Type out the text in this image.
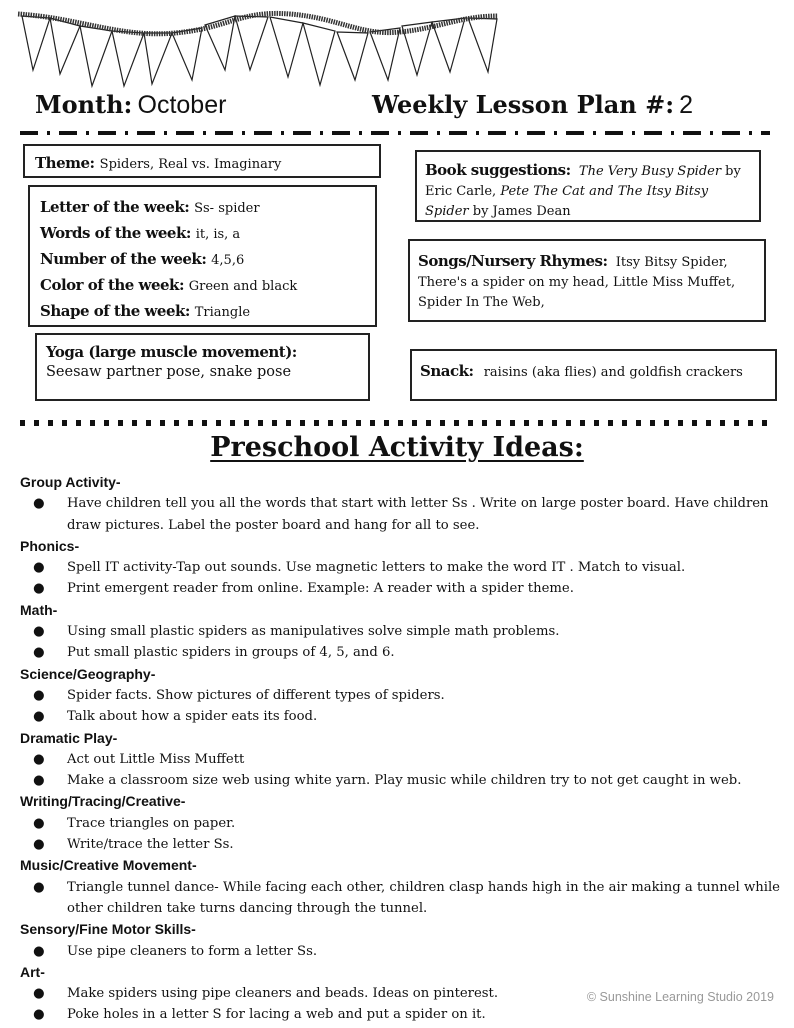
Month: October	Weekly Lesson Plan #: 2
Theme: Spiders, Real vs. Imaginary
Letter of the week: Ss- spider
Words of the week: it, is, a
Number of the week: 4,5,6
Color of the week: Green and black
Shape of the week: Triangle
Yoga (large muscle movement):
Seesaw partner pose, snake pose

Book suggestions: The Very Busy Spider by Eric Carle, Pete The Cat and The Itsy Bitsy Spider by James Dean

Songs/Nursery Rhymes: Itsy Bitsy Spider, There's a spider on my head, Little Miss Muffet, Spider In The Web,

Snack: raisins (aka flies) and goldfish crackers
Preschool Activity Ideas:
Group Activity-
● Have children tell you all the words that start with letter Ss . Write on large poster board. Have children draw pictures. Label the poster board and hang for all to see.
Phonics-
● Spell IT activity-Tap out sounds. Use magnetic letters to make the word IT . Match to visual.
● Print emergent reader from online. Example: A reader with a spider theme.
Math-
● Using small plastic spiders as manipulatives solve simple math problems.
● Put small plastic spiders in groups of 4, 5, and 6.
Science/Geography-
● Spider facts. Show pictures of different types of spiders.
● Talk about how a spider eats its food.
Dramatic Play-
● Act out Little Miss Muffett
● Make a classroom size web using white yarn. Play music while children try to not get caught in web.
Writing/Tracing/Creative-
● Trace triangles on paper.
● Write/trace the letter Ss.
Music/Creative Movement-
● Triangle tunnel dance- While facing each other, children clasp hands high in the air making a tunnel while other children take turns dancing through the tunnel.
Sensory/Fine Motor Skills-
● Use pipe cleaners to form a letter Ss.
Art-
● Make spiders using pipe cleaners and beads. Ideas on pinterest.
● Poke holes in a letter S for lacing a web and put a spider on it.
© Sunshine Learning Studio 2019
